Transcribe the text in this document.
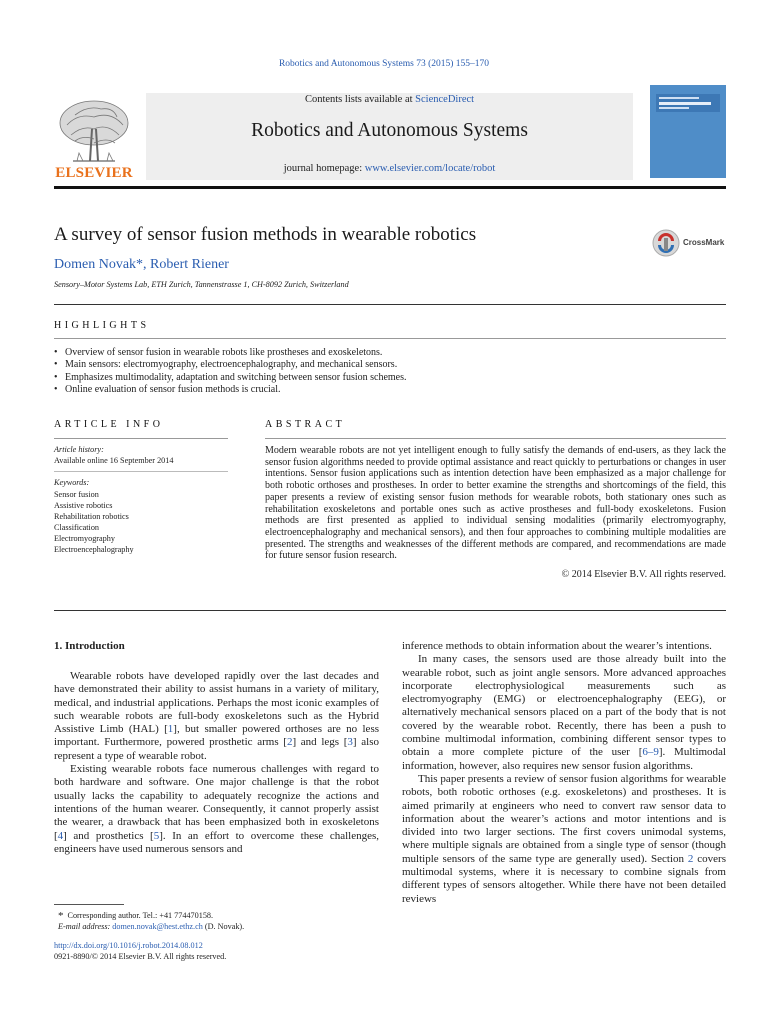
Robotics and Autonomous Systems 73 (2015) 155–170
Contents lists available at ScienceDirect
Robotics and Autonomous Systems
journal homepage: www.elsevier.com/locate/robot
ELSEVIER
A survey of sensor fusion methods in wearable robotics	CrossMark
Domen Novak*, Robert Riener
Sensory–Motor Systems Lab, ETH Zurich, Tannenstrasse 1, CH-8092 Zurich, Switzerland
HIGHLIGHTS
• Overview of sensor fusion in wearable robots like prostheses and exoskeletons.
• Main sensors: electromyography, electroencephalography, and mechanical sensors.
• Emphasizes multimodality, adaptation and switching between sensor fusion schemes.
• Online evaluation of sensor fusion methods is crucial.
ARTICLE INFO
Article history:
Available online 16 September 2014
Keywords:
Sensor fusion
Assistive robotics
Rehabilitation robotics
Classification
Electromyography
Electroencephalography
ABSTRACT
Modern wearable robots are not yet intelligent enough to fully satisfy the demands of end-users, as they lack the sensor fusion algorithms needed to provide optimal assistance and react quickly to perturbations or changes in user intentions. Sensor fusion applications such as intention detection have been emphasized as a major challenge for both robotic orthoses and prostheses. In order to better examine the strengths and shortcomings of the field, this paper presents a review of existing sensor fusion methods for wearable robots, both stationary ones such as rehabilitation exoskeletons and portable ones such as active prostheses and full-body exoskeletons. Fusion methods are first presented as applied to individual sensing modalities (primarily electromyography, electroencephalography and mechanical sensors), and then four approaches to combining multiple modalities are presented. The strengths and weaknesses of the different methods are compared, and recommendations are made for future sensor fusion research.
© 2014 Elsevier B.V. All rights reserved.
1. Introduction

Wearable robots have developed rapidly over the last decades and have demonstrated their ability to assist humans in a variety of military, medical, and industrial applications. Perhaps the most iconic examples of such wearable robots are full-body exoskeletons such as the Hybrid Assistive Limb (HAL) [1], but smaller powered orthoses are no less important. Furthermore, powered prosthetic arms [2] and legs [3] also represent a type of wearable robot.

Existing wearable robots face numerous challenges with regard to both hardware and software. One major challenge is that the robot usually lacks the capability to adequately recognize the actions and intentions of the human wearer. Consequently, it cannot properly assist the wearer, a drawback that has been emphasized both in exoskeletons [4] and prosthetics [5]. In an effort to overcome these challenges, engineers have used numerous sensors and

inference methods to obtain information about the wearer’s intentions.

In many cases, the sensors used are those already built into the wearable robot, such as joint angle sensors. More advanced approaches incorporate electrophysiological measurements such as electromyography (EMG) or electroencephalography (EEG), or alternatively mechanical sensors placed on a part of the body that is not covered by the wearable robot. Recently, there has been a push to combine multimodal information, combining different sensor types to obtain a more complete picture of the user [6–9]. Multimodal information, however, also requires new sensor fusion algorithms.

This paper presents a review of sensor fusion algorithms for wearable robots, both robotic orthoses (e.g. exoskeletons) and prostheses. It is aimed primarily at engineers who need to convert raw sensor data to information about the wearer’s actions and motor intentions and is divided into two larger sections. The first covers unimodal systems, where multiple signals are obtained from a single type of sensor (though multiple sensors of the same type are generally used). Section 2 covers multimodal systems, where it is necessary to combine signals from different types of sensors altogether. While there have not been detailed reviews

* Corresponding author. Tel.: +41 774470158.
E-mail address: domen.novak@hest.ethz.ch (D. Novak).
http://dx.doi.org/10.1016/j.robot.2014.08.012
0921-8890/© 2014 Elsevier B.V. All rights reserved.
